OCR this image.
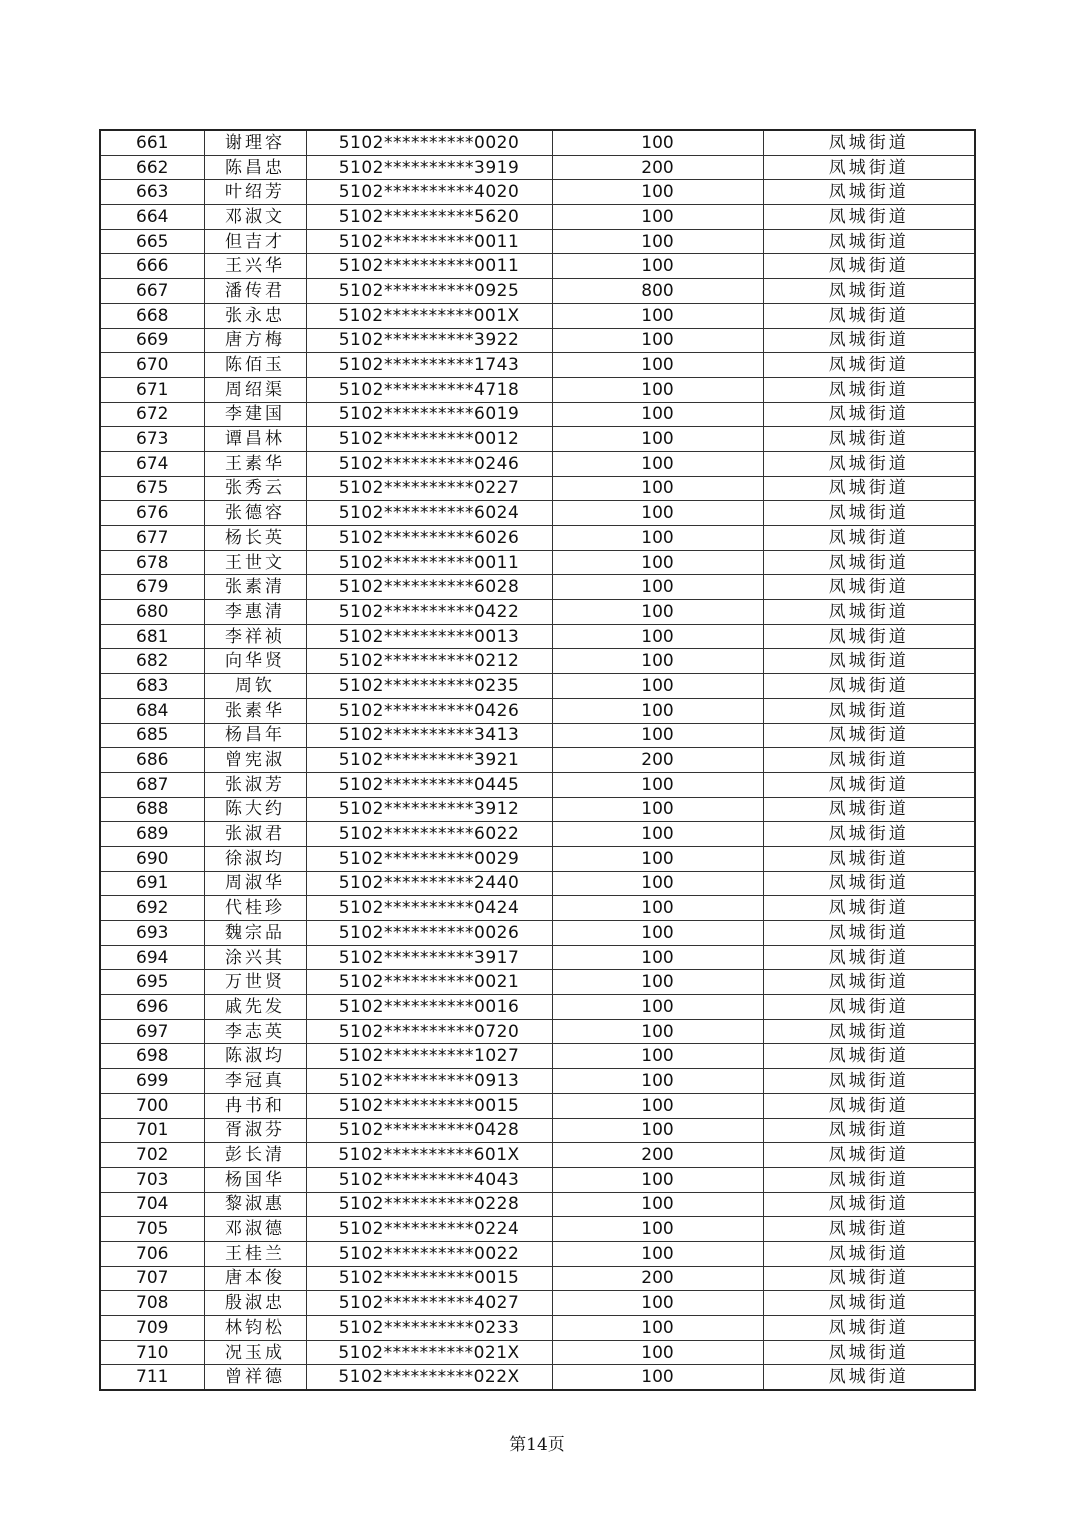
661	谢理容	5102**********0020	100	凤城街道
662	陈昌忠	5102**********3919	200	凤城街道
663	叶绍芳	5102**********4020	100	凤城街道
664	邓淑文	5102**********5620	100	凤城街道
665	但吉才	5102**********0011	100	凤城街道
666	王兴华	5102**********0011	100	凤城街道
667	潘传君	5102**********0925	800	凤城街道
668	张永忠	5102**********001X	100	凤城街道
669	唐方梅	5102**********3922	100	凤城街道
670	陈佰玉	5102**********1743	100	凤城街道
671	周绍渠	5102**********4718	100	凤城街道
672	李建国	5102**********6019	100	凤城街道
673	谭昌林	5102**********0012	100	凤城街道
674	王素华	5102**********0246	100	凤城街道
675	张秀云	5102**********0227	100	凤城街道
676	张德容	5102**********6024	100	凤城街道
677	杨长英	5102**********6026	100	凤城街道
678	王世文	5102**********0011	100	凤城街道
679	张素清	5102**********6028	100	凤城街道
680	李惠清	5102**********0422	100	凤城街道
681	李祥祯	5102**********0013	100	凤城街道
682	向华贤	5102**********0212	100	凤城街道
683	周钦	5102**********0235	100	凤城街道
684	张素华	5102**********0426	100	凤城街道
685	杨昌年	5102**********3413	100	凤城街道
686	曾宪淑	5102**********3921	200	凤城街道
687	张淑芳	5102**********0445	100	凤城街道
688	陈大约	5102**********3912	100	凤城街道
689	张淑君	5102**********6022	100	凤城街道
690	徐淑均	5102**********0029	100	凤城街道
691	周淑华	5102**********2440	100	凤城街道
692	代桂珍	5102**********0424	100	凤城街道
693	魏宗品	5102**********0026	100	凤城街道
694	涂兴其	5102**********3917	100	凤城街道
695	万世贤	5102**********0021	100	凤城街道
696	戚先发	5102**********0016	100	凤城街道
697	李志英	5102**********0720	100	凤城街道
698	陈淑均	5102**********1027	100	凤城街道
699	李冠真	5102**********0913	100	凤城街道
700	冉书和	5102**********0015	100	凤城街道
701	胥淑芬	5102**********0428	100	凤城街道
702	彭长清	5102**********601X	200	凤城街道
703	杨国华	5102**********4043	100	凤城街道
704	黎淑惠	5102**********0228	100	凤城街道
705	邓淑德	5102**********0224	100	凤城街道
706	王桂兰	5102**********0022	100	凤城街道
707	唐本俊	5102**********0015	200	凤城街道
708	殷淑忠	5102**********4027	100	凤城街道
709	林钧松	5102**********0233	100	凤城街道
710	况玉成	5102**********021X	100	凤城街道
711	曾祥德	5102**********022X	100	凤城街道
第14页
